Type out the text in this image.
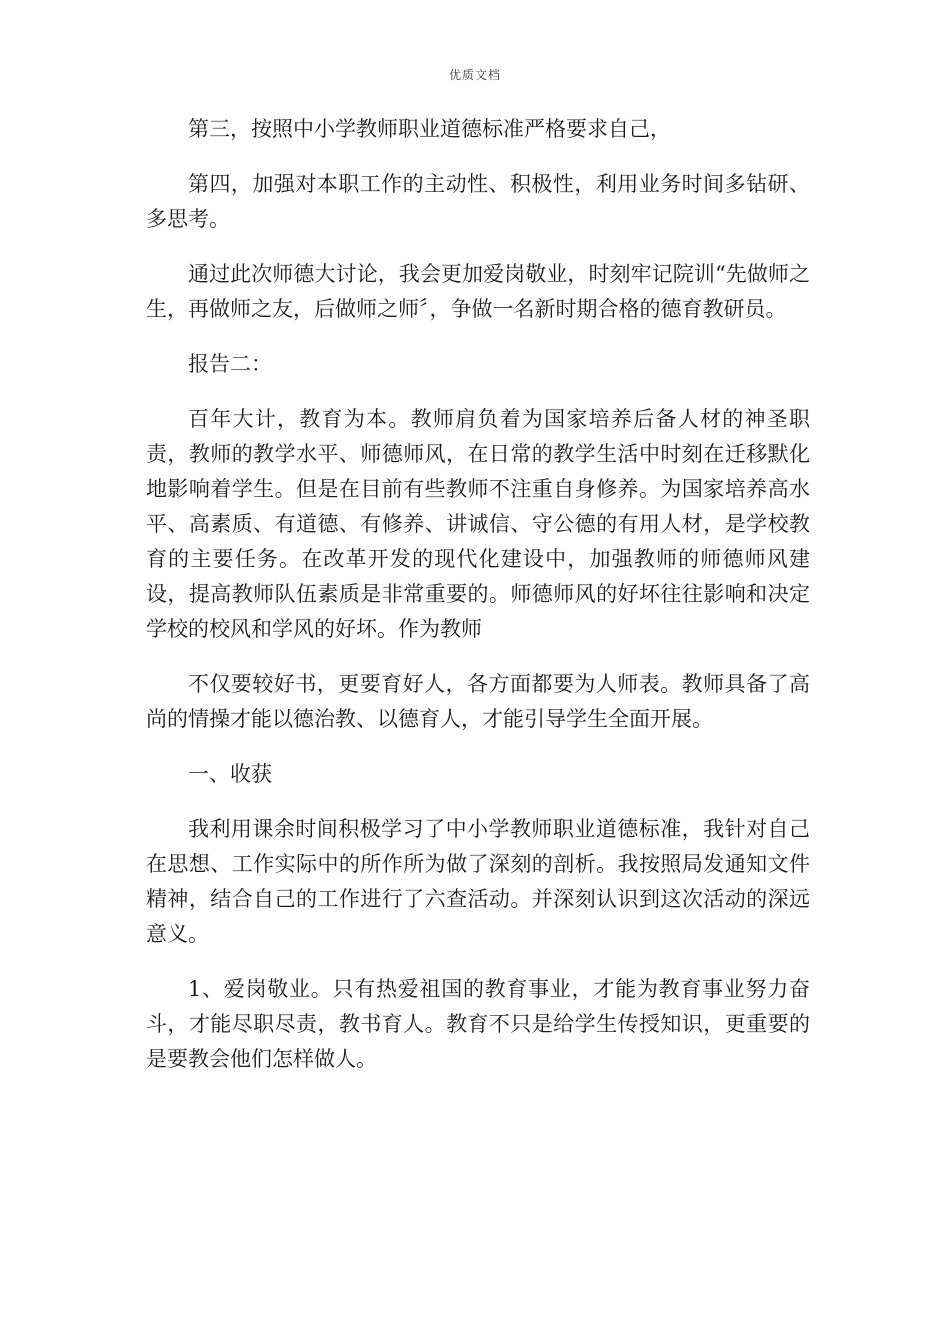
优质文档

第三，按照中小学教师职业道德标准严格要求自己，

第四，加强对本职工作的主动性、积极性，利用业务时间多钻研、多思考。

通过此次师德大讨论，我会更加爱岗敬业，时刻牢记院训“先做师之生，再做师之友，后做师之师〞，争做一名新时期合格的德育教研员。

报告二：

百年大计，教育为本。教师肩负着为国家培养后备人材的神圣职责，教师的教学水平、师德师风，在日常的教学生活中时刻在迁移默化地影响着学生。但是在目前有些教师不注重自身修养。为国家培养高水平、高素质、有道德、有修养、讲诚信、守公德的有用人材，是学校教育的主要任务。在改革开发的现代化建设中，加强教师的师德师风建设，提高教师队伍素质是非常重要的。师德师风的好坏往往影响和决定学校的校风和学风的好坏。作为教师

不仅要较好书，更要育好人，各方面都要为人师表。教师具备了高尚的情操才能以德治教、以德育人，才能引导学生全面开展。

一、收获

我利用课余时间积极学习了中小学教师职业道德标准，我针对自己在思想、工作实际中的所作所为做了深刻的剖析。我按照局发通知文件精神，结合自己的工作进行了六查活动。并深刻认识到这次活动的深远意义。

1、爱岗敬业。只有热爱祖国的教育事业，才能为教育事业努力奋斗，才能尽职尽责，教书育人。教育不只是给学生传授知识，更重要的是要教会他们怎样做人。
